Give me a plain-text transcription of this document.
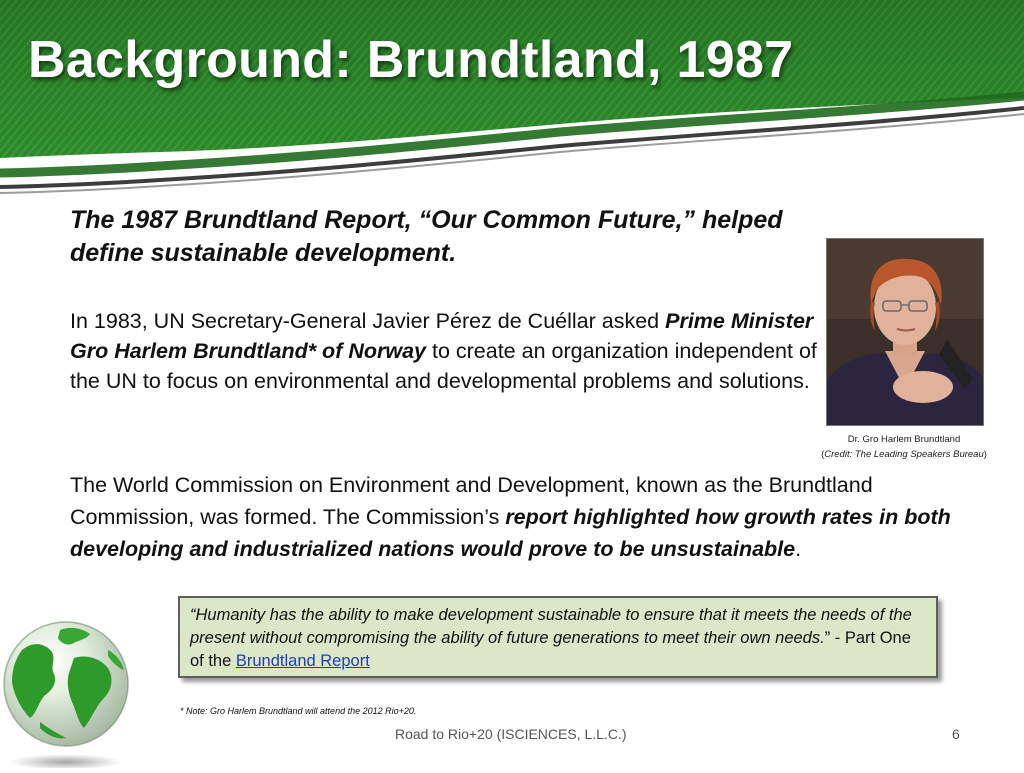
Background: Brundtland, 1987

The 1987 Brundtland Report, “Our Common Future,” helped define sustainable development.

In 1983, UN Secretary-General Javier Pérez de Cuéllar asked Prime Minister Gro Harlem Brundtland* of Norway to create an organization independent of the UN to focus on environmental and developmental problems and solutions.

Dr. Gro Harlem Brundtland

(Credit: The Leading Speakers Bureau)

The World Commission on Environment and Development, known as the Brundtland Commission, was formed. The Commission’s report highlighted how growth rates in both developing and industrialized nations would prove to be unsustainable.

“Humanity has the ability to make development sustainable to ensure that it meets the needs of the present without compromising the ability of future generations to meet their own needs.” - Part One of the Brundtland Report
* Note: Gro Harlem Brundtland will attend the 2012 Rio+20.
Road to Rio+20 (ISCIENCES, L.L.C.)	6
